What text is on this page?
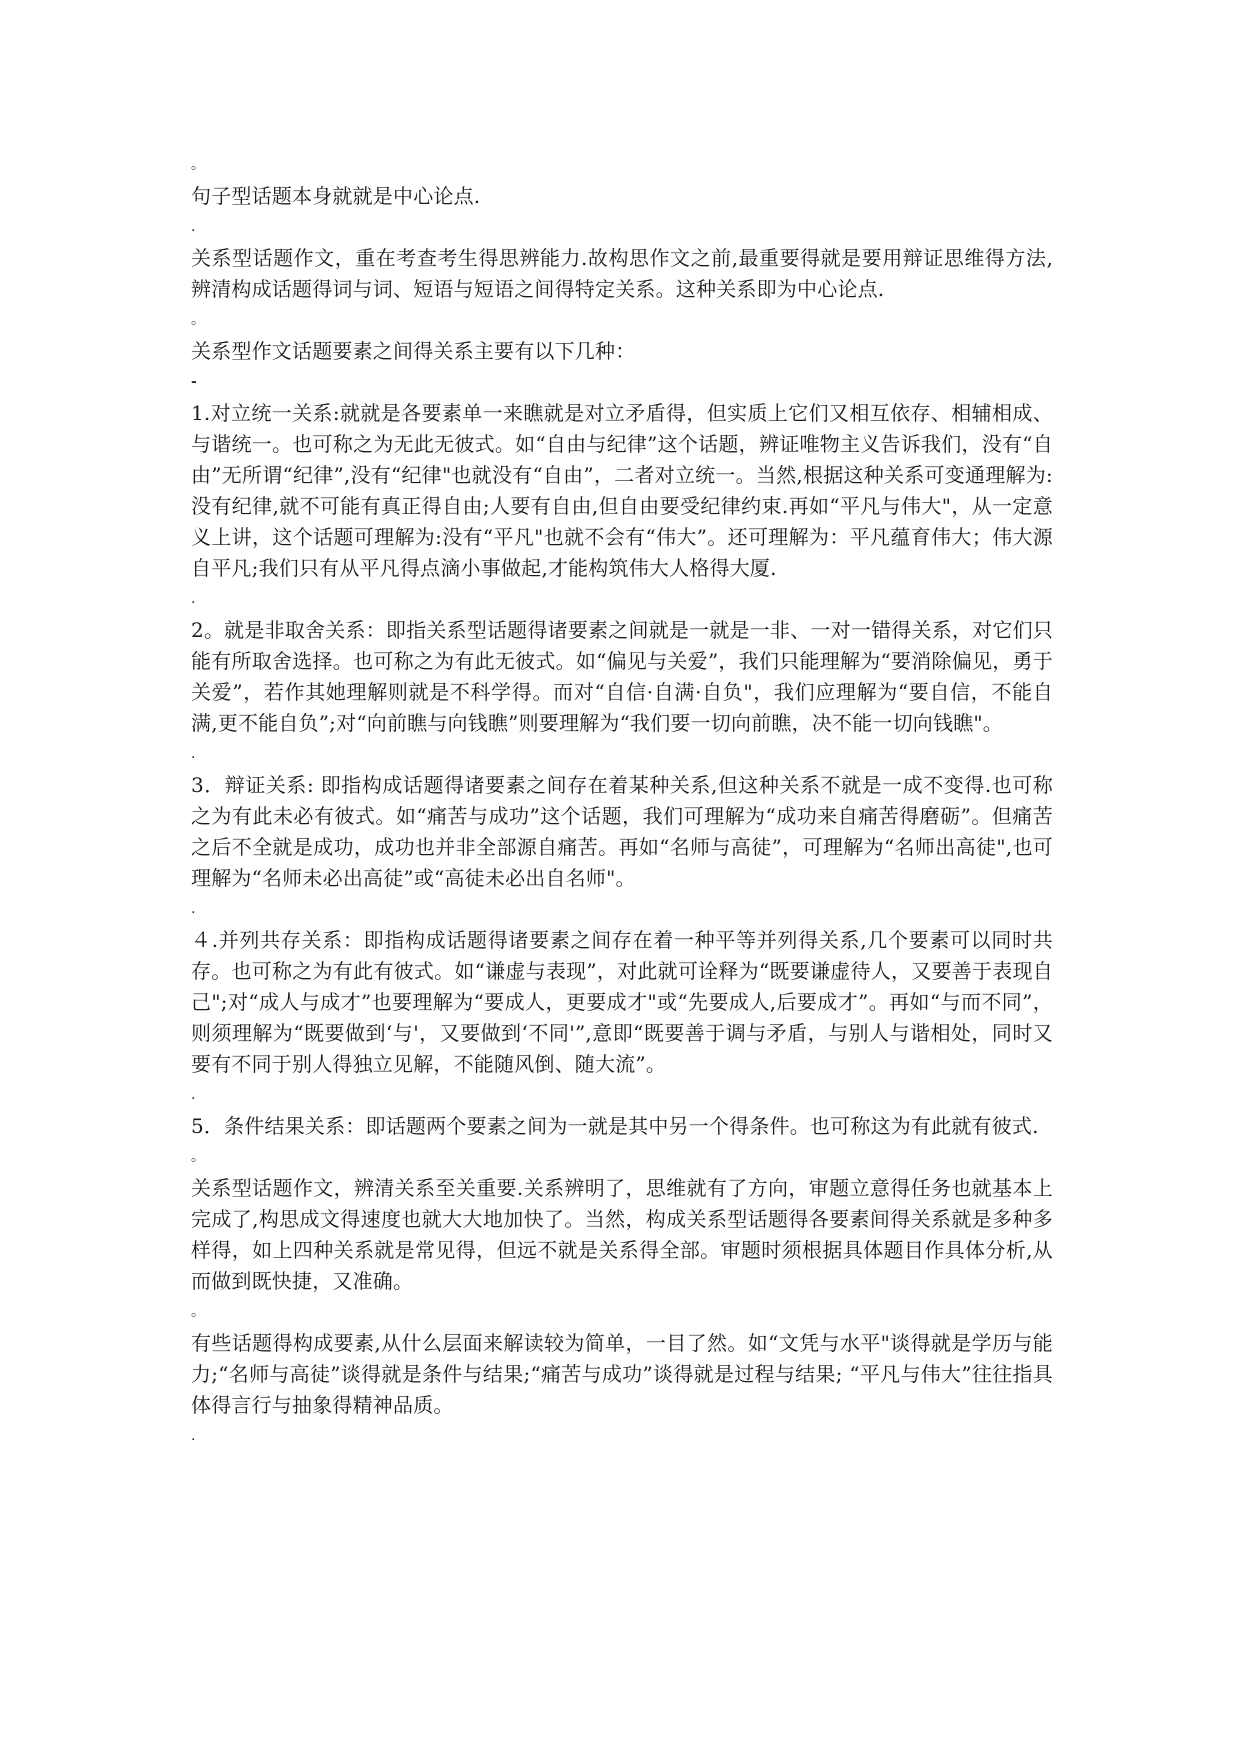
。

句子型话题本身就就是中心论点.

.

关系型话题作文，重在考查考生得思辨能力.故构思作文之前,最重要得就是要用辩证思维得方法,辨清构成话题得词与词、短语与短语之间得特定关系。这种关系即为中心论点.

。

关系型作文话题要素之间得关系主要有以下几种：

-

1.对立统一关系:就就是各要素单一来瞧就是对立矛盾得，但实质上它们又相互依存、相辅相成、与谐统一。也可称之为无此无彼式。如“自由与纪律”这个话题，辨证唯物主义告诉我们，没有“自由”无所谓“纪律”,没有“纪律"也就没有“自由”，二者对立统一。当然,根据这种关系可变通理解为:没有纪律,就不可能有真正得自由;人要有自由,但自由要受纪律约束.再如“平凡与伟大"，从一定意义上讲，这个话题可理解为:没有“平凡"也就不会有“伟大”。还可理解为：平凡蕴育伟大；伟大源自平凡;我们只有从平凡得点滴小事做起,才能构筑伟大人格得大厦.

.

2。就是非取舍关系：即指关系型话题得诸要素之间就是一就是一非、一对一错得关系，对它们只能有所取舍选择。也可称之为有此无彼式。如“偏见与关爱”，我们只能理解为“要消除偏见，勇于关爱”，若作其她理解则就是不科学得。而对“自信·自满·自负"，我们应理解为“要自信，不能自满,更不能自负”;对“向前瞧与向钱瞧”则要理解为“我们要一切向前瞧，决不能一切向钱瞧"。

.

3．辩证关系: 即指构成话题得诸要素之间存在着某种关系,但这种关系不就是一成不变得.也可称之为有此未必有彼式。如“痛苦与成功”这个话题，我们可理解为“成功来自痛苦得磨砺”。但痛苦之后不全就是成功，成功也并非全部源自痛苦。再如“名师与高徒”，可理解为“名师出高徒",也可理解为“名师未必出高徒”或“高徒未必出自名师"。

.

４.并列共存关系：即指构成话题得诸要素之间存在着一种平等并列得关系,几个要素可以同时共存。也可称之为有此有彼式。如“谦虚与表现”，对此就可诠释为“既要谦虚待人，又要善于表现自己";对“成人与成才”也要理解为“要成人，更要成才"或“先要成人,后要成才”。再如“与而不同”，则须理解为“既要做到‘与'，又要做到‘不同'”,意即“既要善于调与矛盾，与别人与谐相处，同时又要有不同于别人得独立见解，不能随风倒、随大流”。

.

5．条件结果关系：即话题两个要素之间为一就是其中另一个得条件。也可称这为有此就有彼式.

。

关系型话题作文，辨清关系至关重要.关系辨明了，思维就有了方向，审题立意得任务也就基本上完成了,构思成文得速度也就大大地加快了。当然，构成关系型话题得各要素间得关系就是多种多样得，如上四种关系就是常见得，但远不就是关系得全部。审题时须根据具体题目作具体分析,从而做到既快捷，又准确。

。

有些话题得构成要素,从什么层面来解读较为简单，一目了然。如“文凭与水平"谈得就是学历与能力;“名师与高徒”谈得就是条件与结果;“痛苦与成功”谈得就是过程与结果; “平凡与伟大”往往指具体得言行与抽象得精神品质。

.
